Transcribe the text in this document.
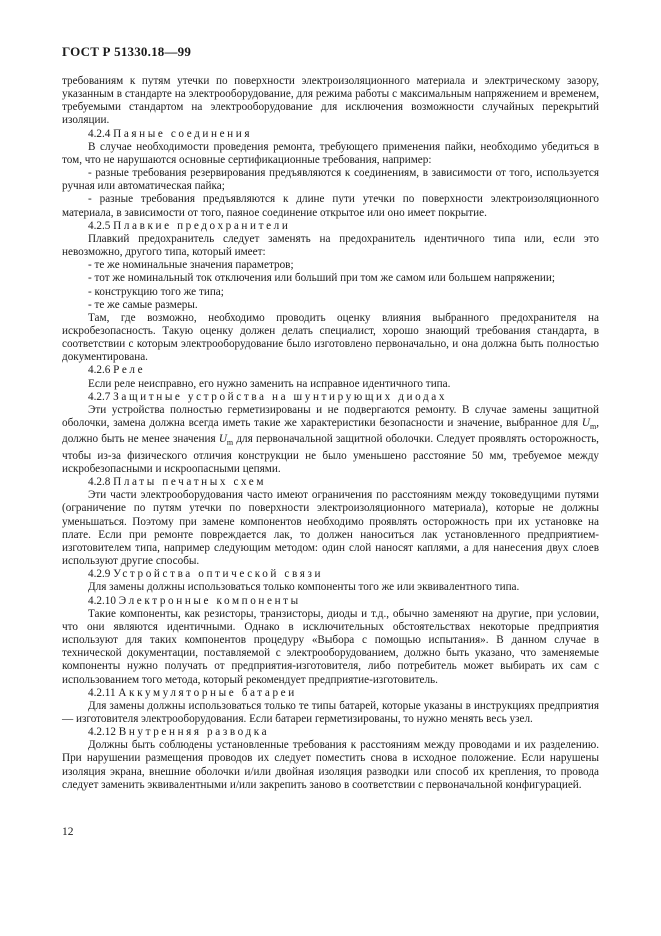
ГОСТ Р 51330.18—99

требованиям к путям утечки по поверхности электроизоляционного материала и электрическому зазору, указанным в стандарте на электрооборудование, для режима работы с максимальным напряжением и временем, требуемыми стандартом на электрооборудование для исключения возможности случайных перекрытий изоляции.

4.2.4 Паяные соединения

В случае необходимости проведения ремонта, требующего применения пайки, необходимо убедиться в том, что не нарушаются основные сертификационные требования, например:

- разные требования резервирования предъявляются к соединениям, в зависимости от того, используется ручная или автоматическая пайка;

- разные требования предъявляются к длине пути утечки по поверхности электроизоляционного материала, в зависимости от того, паяное соединение открытое или оно имеет покрытие.

4.2.5 Плавкие предохранители

Плавкий предохранитель следует заменять на предохранитель идентичного типа или, если это невозможно, другого типа, который имеет:

- те же номинальные значения параметров;

- тот же номинальный ток отключения или больший при том же самом или большем напряжении;

- конструкцию того же типа;

- те же самые размеры.

Там, где возможно, необходимо проводить оценку влияния выбранного предохранителя на искробезопасность. Такую оценку должен делать специалист, хорошо знающий требования стандарта, в соответствии с которым электрооборудование было изготовлено первоначально, и она должна быть полностью документирована.

4.2.6 Реле

Если реле неисправно, его нужно заменить на исправное идентичного типа.

4.2.7 Защитные устройства на шунтирующих диодах

Эти устройства полностью герметизированы и не подвергаются ремонту. В случае замены защитной оболочки, замена должна всегда иметь такие же характеристики безопасности и значение, выбранное для $U_m$, должно быть не менее значения $U_m$ для первоначальной защитной оболочки. Следует проявлять осторожность, чтобы из-за физического отличия конструкции не было уменьшено расстояние 50 мм, требуемое между искробезопасными и искроопасными цепями.

4.2.8 Платы печатных схем

Эти части электрооборудования часто имеют ограничения по расстояниям между токоведущими путями (ограничение по путям утечки по поверхности электроизоляционного материала), которые не должны уменьшаться. Поэтому при замене компонентов необходимо проявлять осторожность при их установке на плате. Если при ремонте повреждается лак, то должен наноситься лак установленного предприятием-изготовителем типа, например следующим методом: один слой наносят каплями, а для нанесения двух слоев используют другие способы.

4.2.9 Устройства оптической связи

Для замены должны использоваться только компоненты того же или эквивалентного типа.

4.2.10 Электронные компоненты

Такие компоненты, как резисторы, транзисторы, диоды и т.д., обычно заменяют на другие, при условии, что они являются идентичными. Однако в исключительных обстоятельствах некоторые предприятия используют для таких компонентов процедуру «Выбора с помощью испытания». В данном случае в технической документации, поставляемой с электрооборудованием, должно быть указано, что заменяемые компоненты нужно получать от предприятия-изготовителя, либо потребитель может выбирать их сам с использованием того метода, который рекомендует предприятие-изготовитель.

4.2.11 Аккумуляторные батареи

Для замены должны использоваться только те типы батарей, которые указаны в инструкциях предприятия — изготовителя электрооборудования. Если батареи герметизированы, то нужно менять весь узел.

4.2.12 Внутренняя разводка

Должны быть соблюдены установленные требования к расстояниям между проводами и их разделению. При нарушении размещения проводов их следует поместить снова в исходное положение. Если нарушены изоляция экрана, внешние оболочки и/или двойная изоляция разводки или способ их крепления, то провода следует заменить эквивалентными и/или закрепить заново в соответствии с первоначальной конфигурацией.

12
